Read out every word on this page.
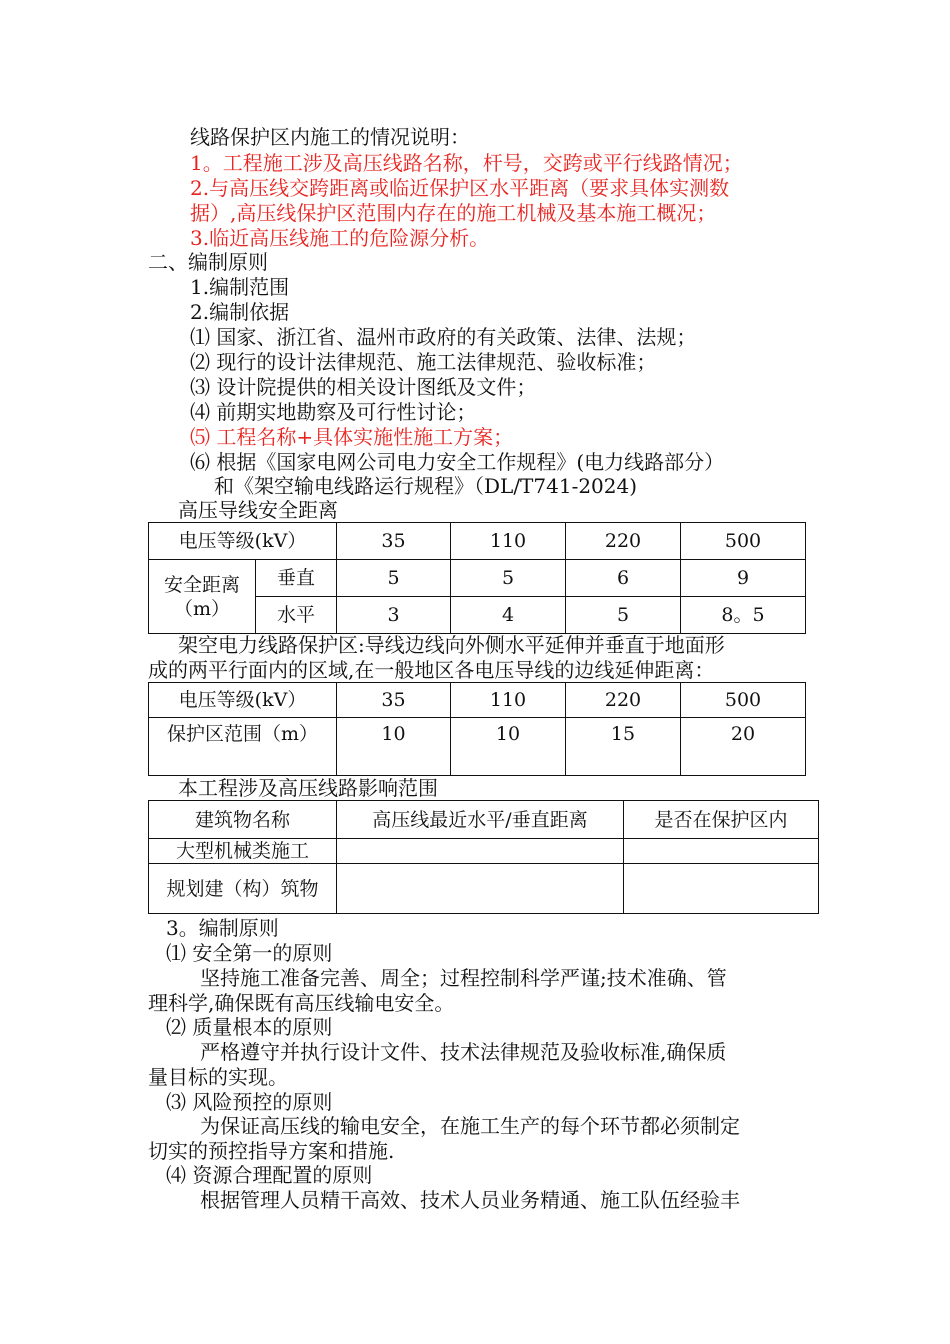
线路保护区内施工的情况说明：
1。工程施工涉及高压线路名称，杆号，交跨或平行线路情况；
2.与高压线交跨距离或临近保护区水平距离（要求具体实测数
据）,高压线保护区范围内存在的施工机械及基本施工概况；
3.临近高压线施工的危险源分析。
二、编制原则
1.编制范围
2.编制依据
⑴ 国家、浙江省、温州市政府的有关政策、法律、法规；
⑵ 现行的设计法律规范、施工法律规范、验收标准；
⑶ 设计院提供的相关设计图纸及文件；
⑷ 前期实地勘察及可行性讨论；
⑸ 工程名称+具体实施性施工方案；
⑹ 根据《国家电网公司电力安全工作规程》(电力线路部分）
和《架空输电线路运行规程》（DL/T741-2024)
高压导线安全距离
电压等级(kV）		35	110	220	500
安全距离（m）	垂直	5	5	6	9
	水平	3	4	5	8。5
架空电力线路保护区:导线边线向外侧水平延伸并垂直于地面形
成的两平行面内的区域,在一般地区各电压导线的边线延伸距离：
电压等级(kV）	35	110	220	500
保护区范围（m）	10	10	15	20
本工程涉及高压线路影响范围
建筑物名称	高压线最近水平/垂直距离	是否在保护区内
大型机械类施工		
规划建（构）筑物		
3。编制原则
⑴ 安全第一的原则
坚持施工准备完善、周全；过程控制科学严谨;技术准确、管
理科学,确保既有高压线输电安全。
⑵ 质量根本的原则
严格遵守并执行设计文件、技术法律规范及验收标准,确保质
量目标的实现。
⑶ 风险预控的原则
为保证高压线的输电安全，在施工生产的每个环节都必须制定
切实的预控指导方案和措施.
⑷ 资源合理配置的原则
根据管理人员精干高效、技术人员业务精通、施工队伍经验丰
